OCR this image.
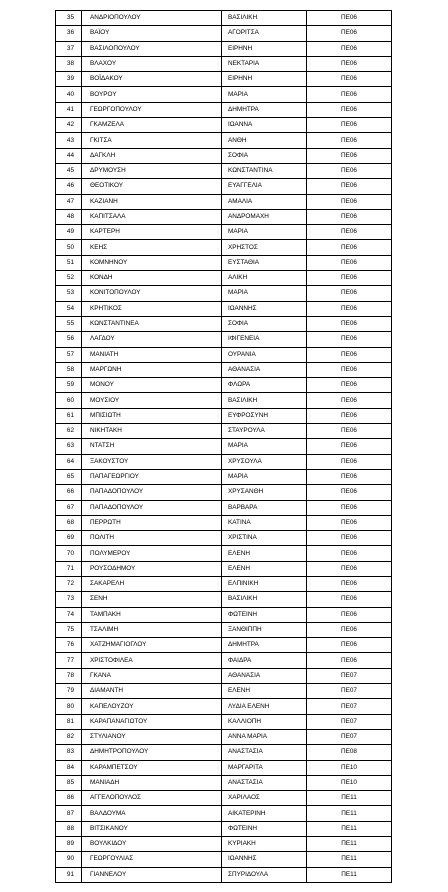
35	ΑΝΔΡΙΟΠΟΥΛΟΥ	ΒΑΣΙΛΙΚΗ	ΠΕ06
36	ΒΑΪΟΥ	ΑΓΟΡΙΤΣΑ	ΠΕ06
37	ΒΑΣΙΛΟΠΟΥΛΟΥ	ΕΙΡΗΝΗ	ΠΕ06
38	ΒΛΑΧΟΥ	ΝΕΚΤΑΡΙΑ	ΠΕ06
39	ΒΟΪΔΑΚΟΥ	ΕΙΡΗΝΗ	ΠΕ06
40	ΒΟΥΡΟΥ	ΜΑΡΙΑ	ΠΕ06
41	ΓΕΩΡΓΟΠΟΥΛΟΥ	ΔΗΜΗΤΡΑ	ΠΕ06
42	ΓΚΑΜΖΕΛΑ	ΙΩΑΝΝΑ	ΠΕ06
43	ΓΚΙΤΣΑ	ΑΝΘΗ	ΠΕ06
44	ΔΑΓΚΛΗ	ΣΟΦΙΑ	ΠΕ06
45	ΔΡΥΜΟΥΣΗ	ΚΩΝΣΤΑΝΤΙΝΑ	ΠΕ06
46	ΘΕΟΤΙΚΟΥ	ΕΥΑΓΓΕΛΙΑ	ΠΕ06
47	ΚΑΖΙΑΝΗ	ΑΜΑΛΙΑ	ΠΕ06
48	ΚΑΠΙΤΣΑΛΑ	ΑΝΔΡΟΜΑΧΗ	ΠΕ06
49	ΚΑΡΤΕΡΗ	ΜΑΡΙΑ	ΠΕ06
50	ΚΕΗΣ	ΧΡΗΣΤΟΣ	ΠΕ06
51	ΚΟΜΝΗΝΟΥ	ΕΥΣΤΑΘΙΑ	ΠΕ06
52	ΚΟΝΔΗ	ΑΛΙΚΗ	ΠΕ06
53	ΚΟΝΙΤΟΠΟΥΛΟΥ	ΜΑΡΙΑ	ΠΕ06
54	ΚΡΗΤΙΚΟΣ	ΙΩΑΝΝΗΣ	ΠΕ06
55	ΚΩΝΣΤΑΝΤΙΝΕΑ	ΣΟΦΙΑ	ΠΕ06
56	ΛΑΓΔΟΥ	ΙΦΙΓΕΝΕΙΑ	ΠΕ06
57	ΜΑΝΙΑΤΗ	ΟΥΡΑΝΙΑ	ΠΕ06
58	ΜΑΡΓΩΝΗ	ΑΘΑΝΑΣΙΑ	ΠΕ06
59	ΜΟΝΟΥ	ΦΛΩΡΑ	ΠΕ06
60	ΜΟΥΣΙΟΥ	ΒΑΣΙΛΙΚΗ	ΠΕ06
61	ΜΠΙΣΙΩΤΗ	ΕΥΦΡΟΣΥΝΗ	ΠΕ06
62	ΝΙΚΗΤΑΚΗ	ΣΤΑΥΡΟΥΛΑ	ΠΕ06
63	ΝΤΑΤΣΗ	ΜΑΡΙΑ	ΠΕ06
64	ΞΑΚΟΥΣΤΟΥ	ΧΡΥΣΟΥΛΑ	ΠΕ06
65	ΠΑΠΑΓΕΩΡΓΙΟΥ	ΜΑΡΙΑ	ΠΕ06
66	ΠΑΠΑΔΟΠΟΥΛΟΥ	ΧΡΥΣΑΝΘΗ	ΠΕ06
67	ΠΑΠΑΔΟΠΟΥΛΟΥ	ΒΑΡΒΑΡΑ	ΠΕ06
68	ΠΕΡΡΩΤΗ	ΚΑΤΙΝΑ	ΠΕ06
69	ΠΟΛΙΤΗ	ΧΡΙΣΤΙΝΑ	ΠΕ06
70	ΠΟΛΥΜΕΡΟΥ	ΕΛΕΝΗ	ΠΕ06
71	ΡΟΥΣΟΔΗΜΟΥ	ΕΛΕΝΗ	ΠΕ06
72	ΣΑΚΑΡΕΛΗ	ΕΛΠΙΝΙΚΗ	ΠΕ06
73	ΣΕΝΗ	ΒΑΣΙΛΙΚΗ	ΠΕ06
74	ΤΑΜΠΑΚΗ	ΦΩΤΕΙΝΗ	ΠΕ06
75	ΤΣΑΛΙΜΗ	ΞΑΝΘΙΠΠΗ	ΠΕ06
76	ΧΑΤΖΗΜΑΓΙΟΓΛΟΥ	ΔΗΜΗΤΡΑ	ΠΕ06
77	ΧΡΙΣΤΟΦΙΛΕΑ	ΦΑΙΔΡΑ	ΠΕ06
78	ΓΚΑΝΑ	ΑΘΑΝΑΣΙΑ	ΠΕ07
79	ΔΙΑΜΑΝΤΗ	ΕΛΕΝΗ	ΠΕ07
80	ΚΑΠΕΛΟΥΖΟΥ	ΛΥΔΙΑ ΕΛΕΝΗ	ΠΕ07
81	ΚΑΡΑΠΑΝΑΓΙΩΤΟΥ	ΚΑΛΛΙΟΠΗ	ΠΕ07
82	ΣΤΥΛΙΑΝΟΥ	ΑΝΝΑ ΜΑΡΙΑ	ΠΕ07
83	ΔΗΜΗΤΡΟΠΟΥΛΟΥ	ΑΝΑΣΤΑΣΙΑ	ΠΕ08
84	ΚΑΡΑΜΠΕΤΣΟΥ	ΜΑΡΓΑΡΙΤΑ	ΠΕ10
85	ΜΑΝΙΑΔΗ	ΑΝΑΣΤΑΣΙΑ	ΠΕ10
86	ΑΓΓΕΛΟΠΟΥΛΟΣ	ΧΑΡΙΛΑΟΣ	ΠΕ11
87	ΒΑΛΔΟΥΜΑ	ΑΙΚΑΤΕΡΙΝΗ	ΠΕ11
88	ΒΙΤΣΙΚΑΝΟΥ	ΦΩΤΕΙΝΗ	ΠΕ11
89	ΒΟΥΛΚΙΔΟΥ	ΚΥΡΙΑΚΗ	ΠΕ11
90	ΓΕΩΡΓΟΥΛΙΑΣ	ΙΩΑΝΝΗΣ	ΠΕ11
91	ΓΙΑΝΝΕΛΟΥ	ΣΠΥΡΙΔΟΥΛΑ	ΠΕ11
